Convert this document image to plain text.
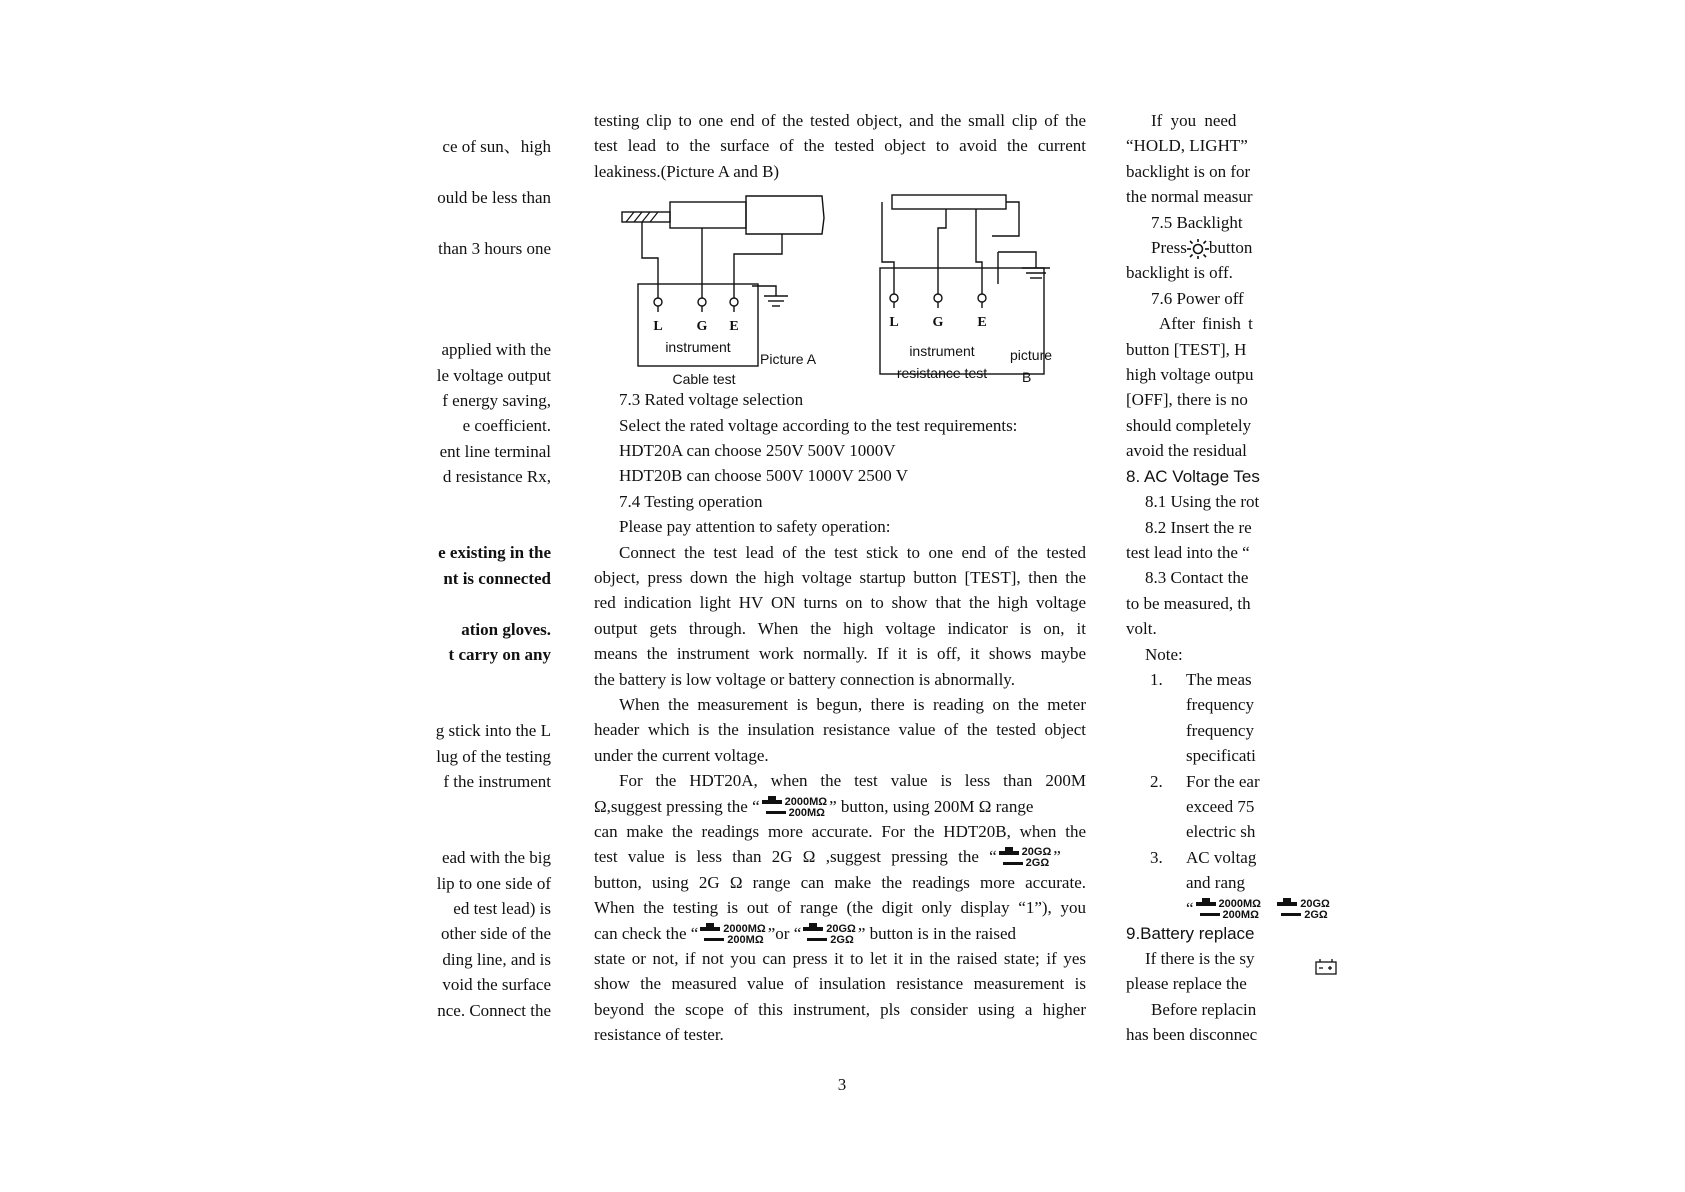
ce of sun、high
ould be less than
than 3 hours one
applied with the
le voltage output
f energy saving,
e coefficient.
ent line terminal
d resistance Rx,
e existing in the
nt is connected
ation gloves.
t carry on any
g stick into the L
lug of the testing
f the instrument
ead with the big
lip to one side of
ed test lead) is
other side of the
ding line, and is
void the surface
nce. Connect the
testing clip to one end of the tested object, and the small clip of the
test lead to the surface of the tested object to avoid the current
leakiness.(Picture A and B)
7.3 Rated voltage selection
Select the rated voltage according to the test requirements:
HDT20A can choose 250V 500V 1000V
HDT20B can choose 500V 1000V 2500 V
7.4 Testing operation
Please pay attention to safety operation:
Connect the test lead of the test stick to one end of the tested
object, press down the high voltage startup button [TEST], then the
red indication light HV ON turns on to show that the high voltage
output gets through. When the high voltage indicator is on, it
means the instrument work normally. If it is off, it shows maybe
the battery is low voltage or battery connection is abnormally.
When the measurement is begun, there is reading on the meter
header which is the insulation resistance value of the tested object
under the current voltage.
For the HDT20A, when the test value is less than 200M
Ω,suggest pressing the “	2000MΩ
200MΩ ” button, using 200M Ω range
can make the readings more accurate. For the HDT20B, when the
test value is less than 2G Ω ,suggest pressing the “	20GΩ
2GΩ ”
button, using 2G Ω range can make the readings more accurate.
When the testing is out of range (the digit only display “1”), you
can check the “	2000MΩ
200MΩ ”or “	20GΩ
2GΩ ” button is in the raised
state or not, if not you can press it to let it in the raised state; if yes
show the measured value of insulation resistance measurement is
beyond the scope of this instrument, pls consider using a higher
resistance of tester.
L G E	L G E
instrument
Picture A
Cable test
instrument
resistance test
picture
B
If you need
“HOLD, LIGHT”
backlight is on for
the normal measur
7.5 Backlight
Press button
backlight is off.
7.6 Power off
After finish t
button [TEST], H
high voltage outpu
[OFF], there is no
should completely
avoid the residual
8. AC Voltage Tes
8.1 Using the rot
8.2 Insert the re
test lead into the “
8.3 Contact the
to be measured, th
volt.
Note:
1. The meas
frequency
frequency
specificati
2. For the ear
exceed 75
electric sh
3. AC voltag
and rang
“	2000MΩ
200MΩ

20GΩ
2GΩ
9.Battery replace
If there is the sy
please replace the
Before replacin
has been disconnec
3
